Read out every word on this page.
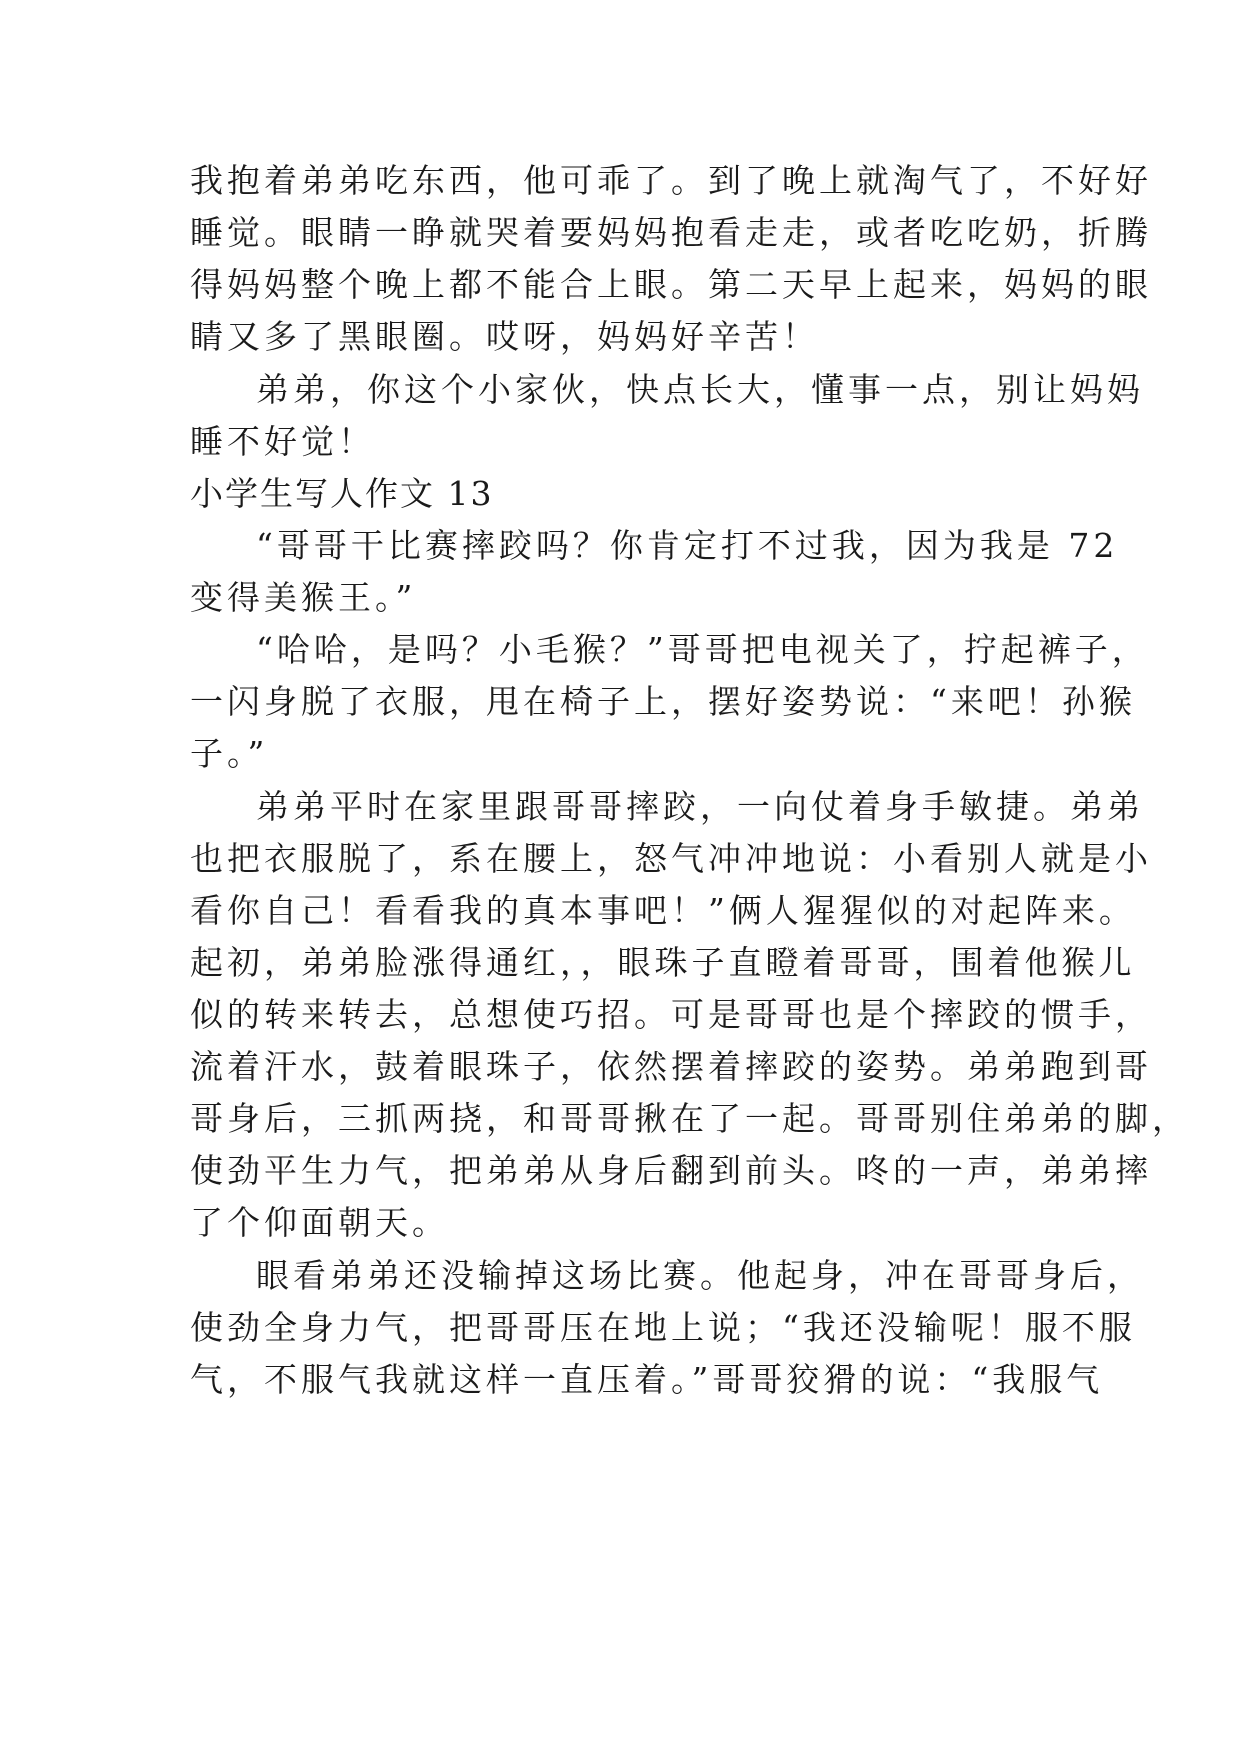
我抱着弟弟吃东西，他可乖了。到了晚上就淘气了，不好好
睡觉。眼睛一睁就哭着要妈妈抱看走走，或者吃吃奶，折腾
得妈妈整个晚上都不能合上眼。第二天早上起来，妈妈的眼
睛又多了黑眼圈。哎呀，妈妈好辛苦！
弟弟，你这个小家伙，快点长大，懂事一点，别让妈妈
睡不好觉！
小学生写人作文 13
“哥哥干比赛摔跤吗？你肯定打不过我，因为我是 72
变得美猴王。”
“哈哈，是吗？小毛猴？”哥哥把电视关了，拧起裤子，
一闪身脱了衣服，甩在椅子上，摆好姿势说：“来吧！孙猴
子。”
弟弟平时在家里跟哥哥摔跤，一向仗着身手敏捷。弟弟
也把衣服脱了，系在腰上，怒气冲冲地说：小看别人就是小
看你自己！看看我的真本事吧！”俩人猩猩似的对起阵来。
起初，弟弟脸涨得通红，，眼珠子直瞪着哥哥，围着他猴儿
似的转来转去，总想使巧招。可是哥哥也是个摔跤的惯手，
流着汗水，鼓着眼珠子，依然摆着摔跤的姿势。弟弟跑到哥
哥身后，三抓两挠，和哥哥揪在了一起。哥哥别住弟弟的脚，
使劲平生力气，把弟弟从身后翻到前头。咚的一声，弟弟摔
了个仰面朝天。
眼看弟弟还没输掉这场比赛。他起身，冲在哥哥身后，
使劲全身力气，把哥哥压在地上说；“我还没输呢！服不服
气，不服气我就这样一直压着。”哥哥狡猾的说：“我服气
